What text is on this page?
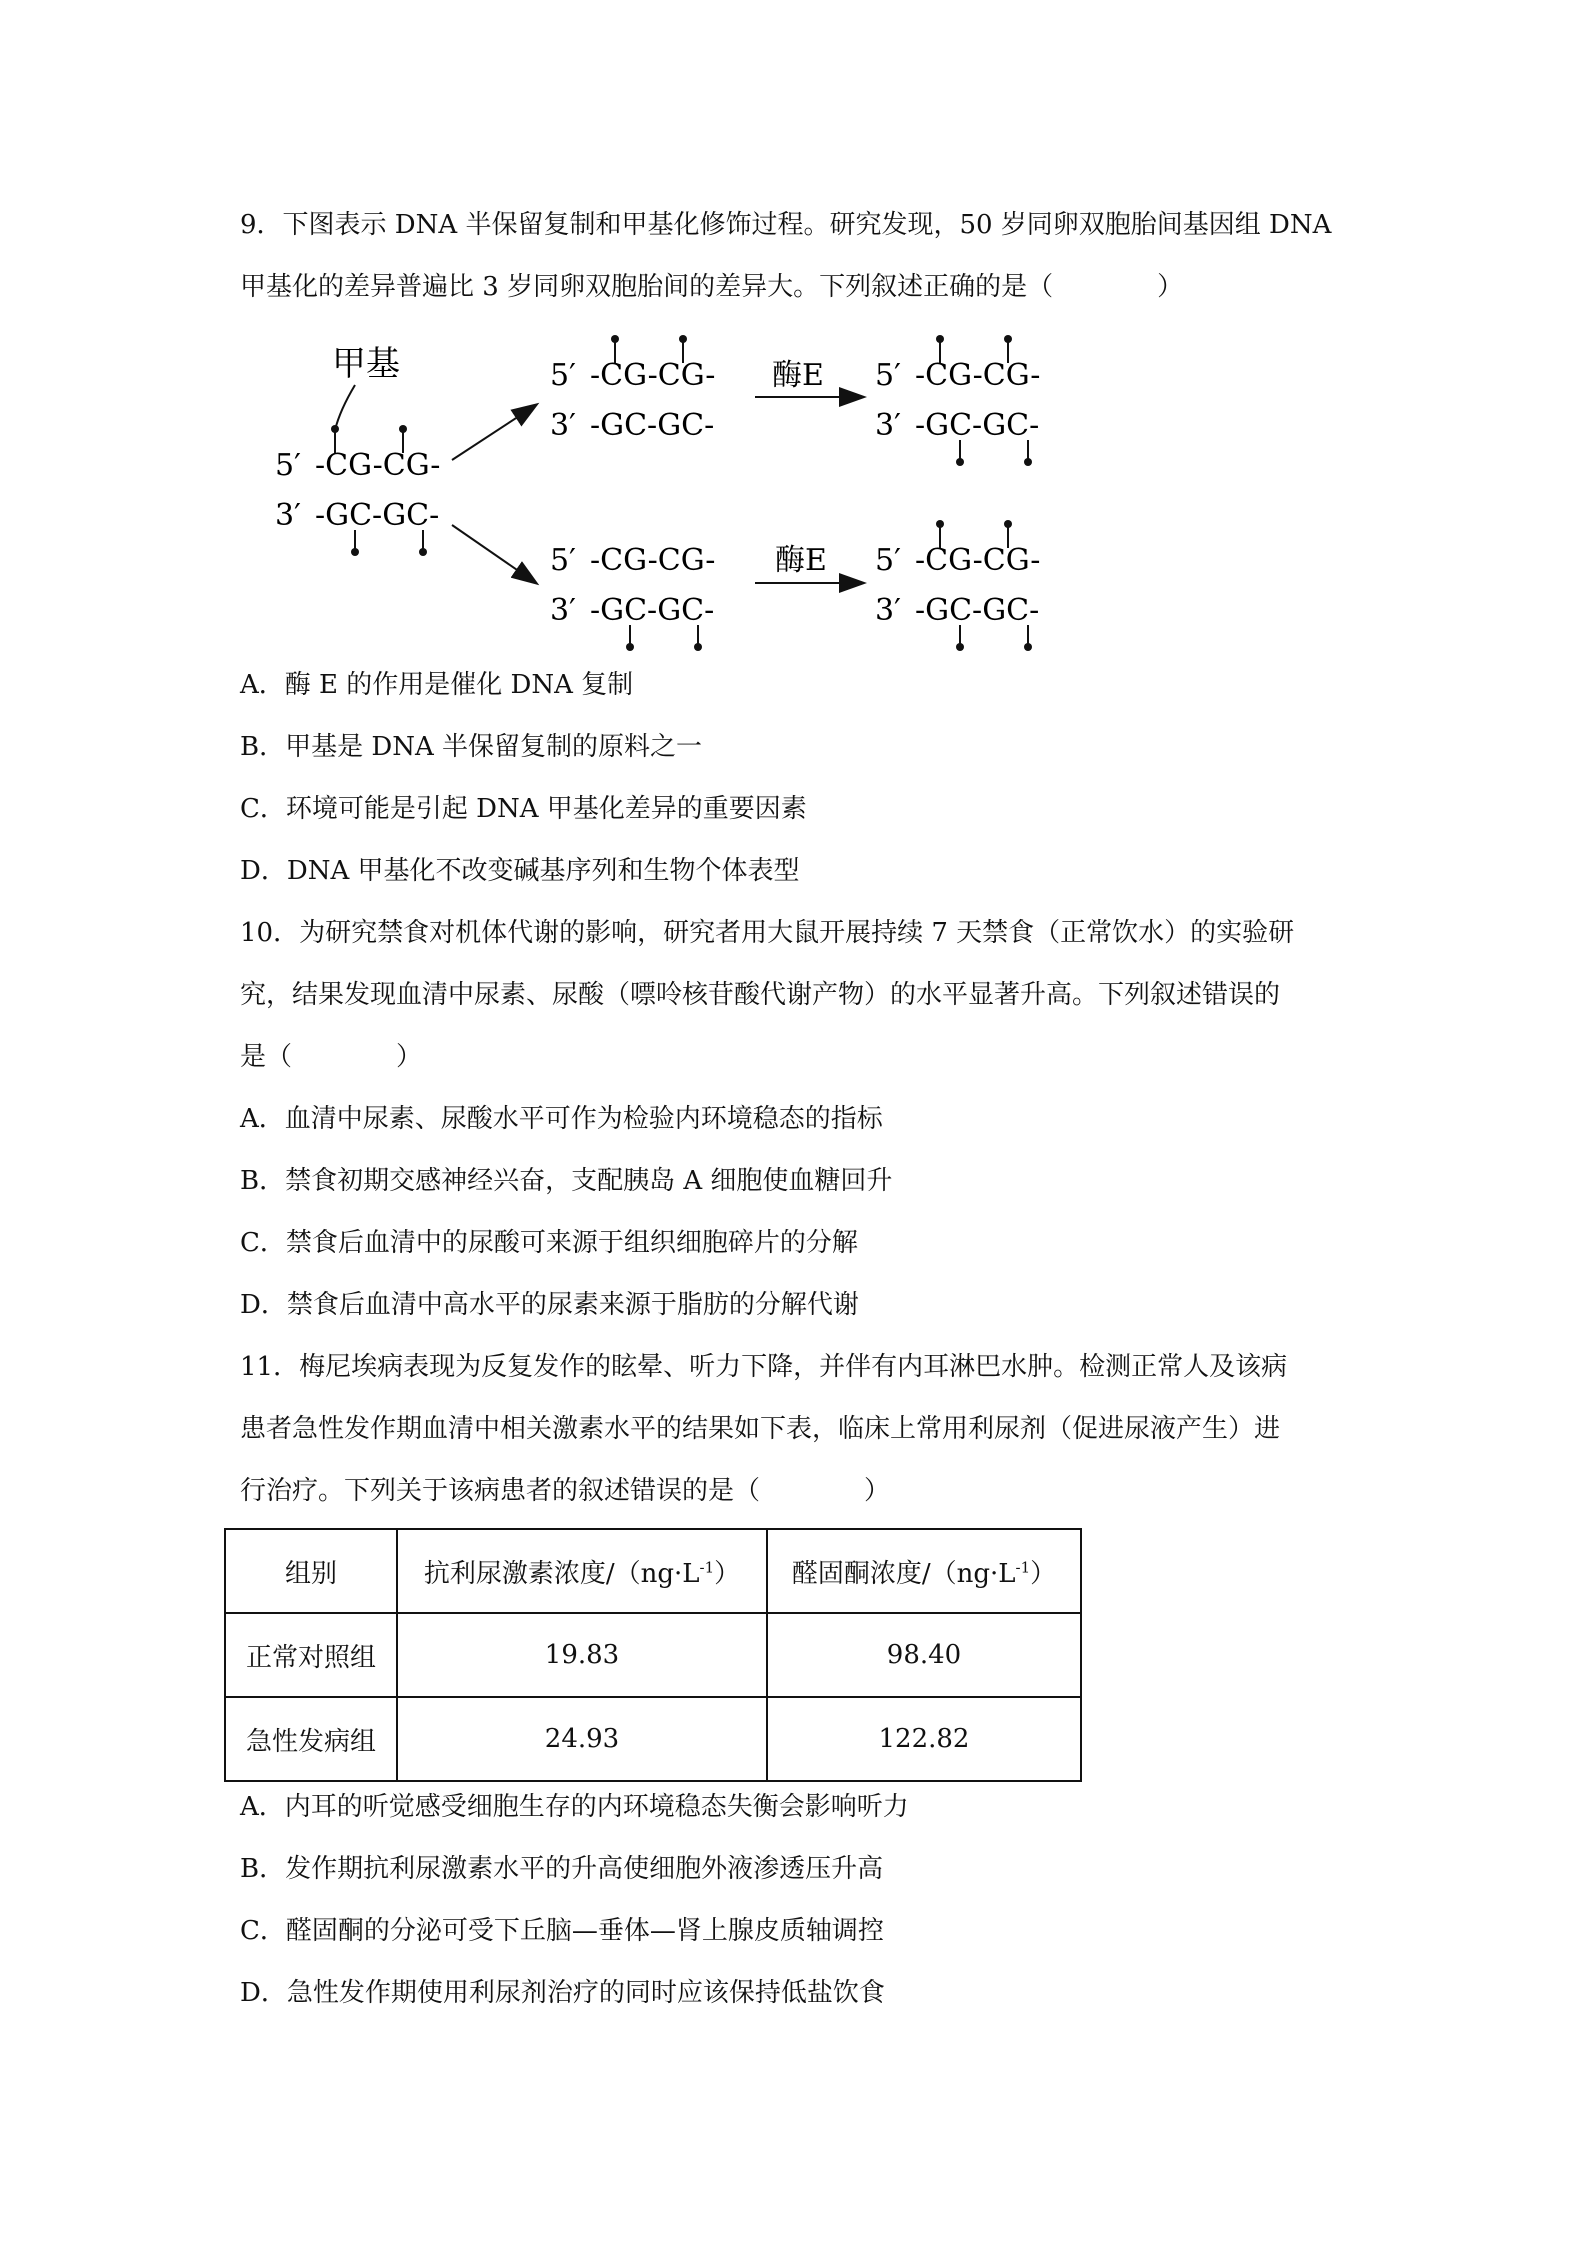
9．下图表示 DNA 半保留复制和甲基化修饰过程。研究发现，50 岁同卵双胞胎间基因组 DNA
甲基化的差异普遍比 3 岁同卵双胞胎间的差异大。下列叙述正确的是（　　　　）
甲基
5′ -CG-CG-
3′ -GC-GC-
5′ -CG-CG-
3′ -GC-GC-
酶E 5′ -CG-CG-
3′ -GC-GC-
5′ -CG-CG-
3′ -GC-GC-
酶E 5′ -CG-CG-
3′ -GC-GC-
A．酶 E 的作用是催化 DNA 复制
B．甲基是 DNA 半保留复制的原料之一
C．环境可能是引起 DNA 甲基化差异的重要因素
D．DNA 甲基化不改变碱基序列和生物个体表型
10．为研究禁食对机体代谢的影响，研究者用大鼠开展持续 7 天禁食（正常饮水）的实验研
究，结果发现血清中尿素、尿酸（嘌呤核苷酸代谢产物）的水平显著升高。下列叙述错误的
是（　　　　）
A．血清中尿素、尿酸水平可作为检验内环境稳态的指标
B．禁食初期交感神经兴奋，支配胰岛 A 细胞使血糖回升
C．禁食后血清中的尿酸可来源于组织细胞碎片的分解
D．禁食后血清中高水平的尿素来源于脂肪的分解代谢
11．梅尼埃病表现为反复发作的眩晕、听力下降，并伴有内耳淋巴水肿。检测正常人及该病
患者急性发作期血清中相关激素水平的结果如下表，临床上常用利尿剂（促进尿液产生）进
行治疗。下列关于该病患者的叙述错误的是（　　　　）
组别	抗利尿激素浓度$/(ng\cdot L^{-1})$	醛固酮浓度$/(ng\cdot L^{-1})$
正常对照组	19.83	98.40
急性发病组	24.93	122.82
A．内耳的听觉感受细胞生存的内环境稳态失衡会影响听力
B．发作期抗利尿激素水平的升高使细胞外液渗透压升高
C．醛固酮的分泌可受下丘脑—垂体—肾上腺皮质轴调控
D．急性发作期使用利尿剂治疗的同时应该保持低盐饮食
